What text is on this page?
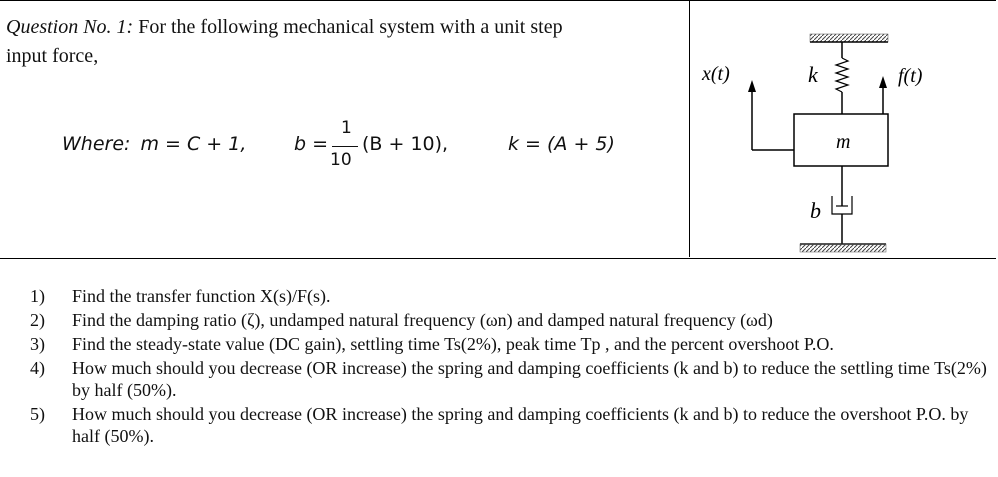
Question No. 1: For the following mechanical system with a unit step
input force,
Where: m = C + 1,	b =
1
10
(B + 10),	k = (A + 5)	m
x(t)	f(t)
k
b
1) Find the transfer function X(s)/F(s).
2) Find the damping ratio (ζ), undamped natural frequency (ωn) and damped natural frequency (ωd)
3) Find the steady-state value (DC gain), settling time Ts(2%), peak time Tp , and the percent overshoot P.O.
4) How much should you decrease (OR increase) the spring and damping coefficients (k and b) to reduce the settling time Ts(2%) by half (50%).
5) How much should you decrease (OR increase) the spring and damping coefficients (k and b) to reduce the overshoot P.O. by half (50%).
